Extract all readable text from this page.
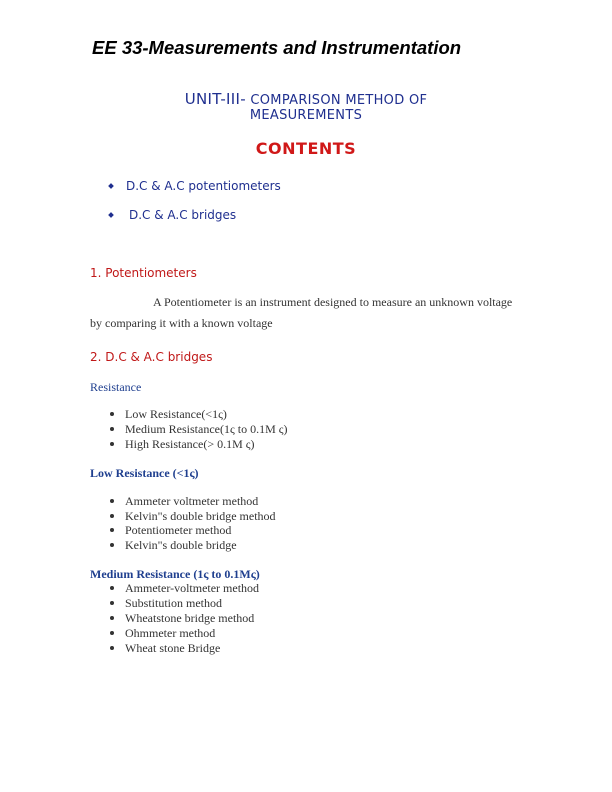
EE 33-Measurements and Instrumentation
UNIT-III- COMPARISON METHOD OF
MEASUREMENTS
CONTENTS
D.C & A.C potentiometers
D.C & A.C bridges
1. Potentiometers
A Potentiometer is an instrument designed to measure an unknown voltage
by comparing it with a known voltage
2. D.C & A.C bridges
Resistance
Low Resistance(<1ς)
Medium Resistance(1ς to 0.1M ς)
High Resistance(> 0.1M ς)
Low Resistance (<1ς)
Ammeter voltmeter method
Kelvin"s double bridge method
Potentiometer method
Kelvin"s double bridge
Medium Resistance (1ς to 0.1Mς)
Ammeter-voltmeter method
Substitution method
Wheatstone bridge method
Ohmmeter method
Wheat stone Bridge
